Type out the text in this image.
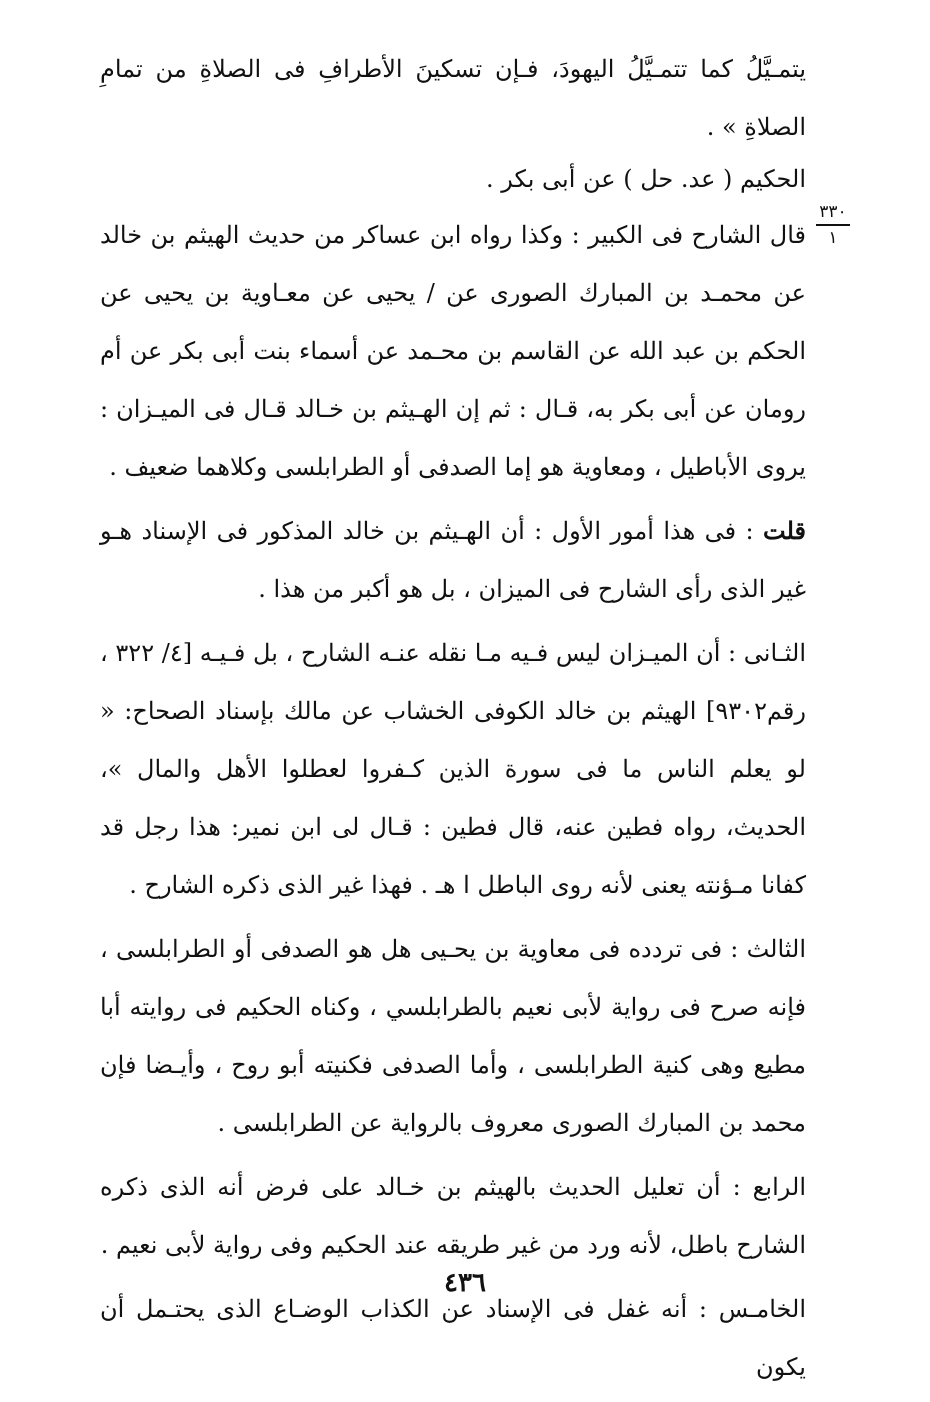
يتمـيَّلُ كما تتمـيَّلُ اليهودَ، فـإن تسكينَ الأطرافِ فى الصلاةِ من تمامِ الصلاةِ » .

الحكيم ( عد. حل ) عن أبى بكر .

٣٣٠
١

قال الشارح فى الكبير : وكذا رواه ابن عساكر من حديث الهيثم بن خالد عن محمـد بن المبارك الصورى عن / يحيى عن معـاوية بن يحيى عن الحكم بن عبد الله عن القاسم بن محـمد عن أسماء بنت أبى بكر عن أم رومان عن أبى بكر به، قـال : ثم إن الهـيثم بن خـالد قـال فى الميـزان : يروى الأباطيل ، ومعاوية هو إما الصدفى أو الطرابلسى وكلاهما ضعيف .

قلت : فى هذا أمور الأول : أن الهـيثم بن خالد المذكور فى الإسناد هـو غير الذى رأى الشارح فى الميزان ، بل هو أكبر من هذا .

الثـانى : أن الميـزان ليس فـيه مـا نقله عنـه الشارح ، بل فـيـه [٤/ ٣٢٢ ، رقم٩٣٠٢] الهيثم بن خالد الكوفى الخشاب عن مالك بإسناد الصحاح: « لو يعلم الناس ما فى سورة الذين كـفروا لعطلوا الأهل والمال »، الحديث، رواه فطين عنه، قال فطين : قـال لى ابن نمير: هذا رجل قد كفانا مـؤنته يعنى لأنه روى الباطل ا هـ . فهذا غير الذى ذكره الشارح .

الثالث : فى تردده فى معاوية بن يحـيى هل هو الصدفى أو الطرابلسى ، فإنه صرح فى رواية لأبى نعيم بالطرابلسي ، وكناه الحكيم فى روايته أبا مطيع وهى كنية الطرابلسى ، وأما الصدفى فكنيته أبو روح ، وأيـضا فإن محمد بن المبارك الصورى معروف بالرواية عن الطرابلسى .

الرابع : أن تعليل الحديث بالهيثم بن خـالد على فرض أنه الذى ذكره الشارح باطل، لأنه ورد من غير طريقه عند الحكيم وفى رواية لأبى نعيم .

الخامـس : أنه غفل فى الإسناد عن الكذاب الوضـاع الذى يحتـمل أن يكون

٤٣٦
